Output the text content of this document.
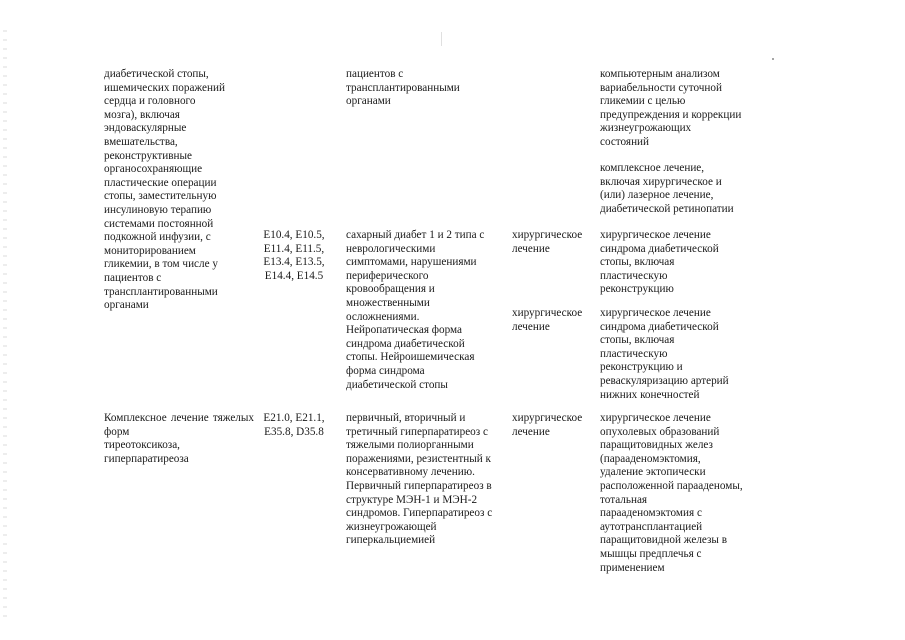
диабетической стопы,
ишемических поражений
сердца и головного
мозга), включая
эндоваскулярные
вмешательства,
реконструктивные
органосохраняющие
пластические операции
стопы, заместительную
инсулиновую терапию
системами постоянной
подкожной инфузии, с
мониторированием
гликемии, в том числе у
пациентов с
трансплантированными
органами
пациентов с
трансплантированными
органами
компьютерным анализом
вариабельности суточной
гликемии с целью
предупреждения и коррекции
жизнеугрожающих
состояний
комплексное лечение,
включая хирургическое и
(или) лазерное лечение,
диабетической ретинопатии
E10.4, E10.5,
E11.4, E11.5,
E13.4, E13.5,
E14.4, E14.5
сахарный диабет 1 и 2 типа с
неврологическими
симптомами, нарушениями
периферического
кровообращения и
множественными
осложнениями.
Нейропатическая форма
синдрома диабетической
стопы. Нейроишемическая
форма синдрома
диабетической стопы
хирургическое
лечение
хирургическое лечение
синдрома диабетической
стопы, включая
пластическую
реконструкцию
хирургическое
лечение
хирургическое лечение
синдрома диабетической
стопы, включая
пластическую
реконструкцию и
реваскуляризацию артерий
нижних конечностей
Комплексное лечение тяжелых форм
тиреотоксикоза,
гиперпаратиреоза
E21.0, E21.1,
E35.8, D35.8
первичный, вторичный и
третичный гиперпаратиреоз с
тяжелыми полиорганными
поражениями, резистентный к
консервативному лечению.
Первичный гиперпаратиреоз в
структуре МЭН-1 и МЭН-2
синдромов. Гиперпаратиреоз с
жизнеугрожающей
гиперкальциемией
хирургическое
лечение
хирургическое лечение
опухолевых образований
паращитовидных желез
(парааденомэктомия,
удаление эктопически
расположенной парааденомы,
тотальная
парааденомэктомия с
аутотрансплантацией
паращитовидной железы в
мышцы предплечья с
применением
